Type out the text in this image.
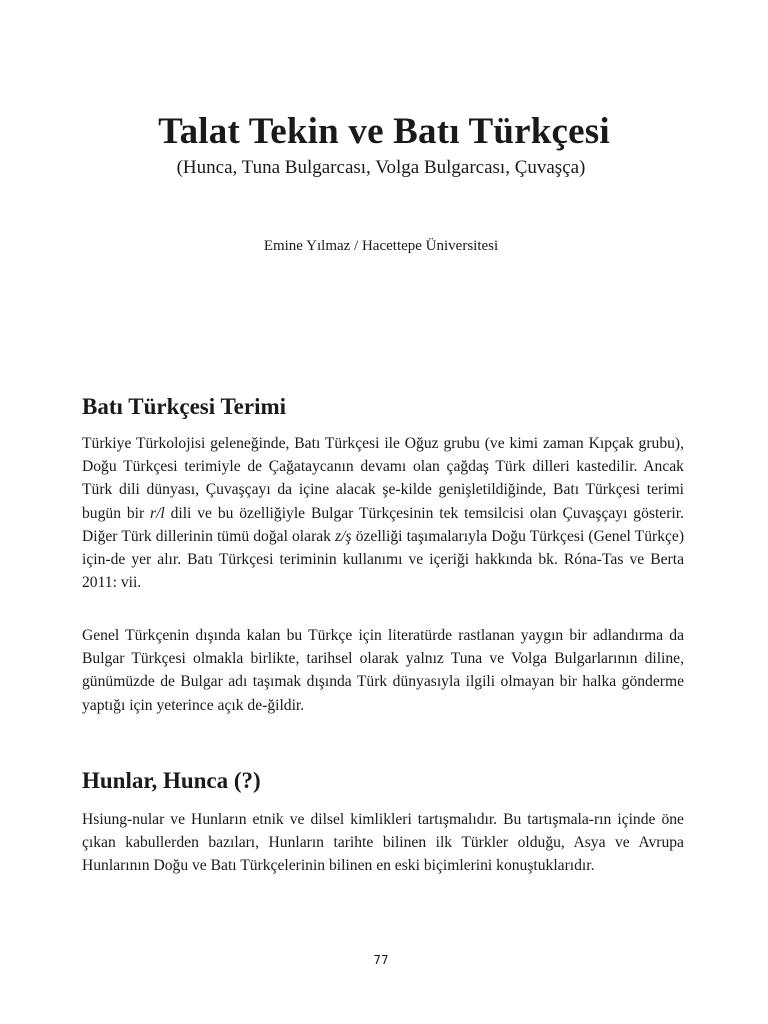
Talat Tekin ve Batı Türkçesi

(Hunca, Tuna Bulgarcası, Volga Bulgarcası, Çuvaşça)

Emine Yılmaz / Hacettepe Üniversitesi

Batı Türkçesi Terimi

Türkiye Türkolojisi geleneğinde, Batı Türkçesi ile Oğuz grubu (ve kimi zaman Kıpçak grubu), Doğu Türkçesi terimiyle de Çağataycanın devamı olan çağdaş Türk dilleri kastedilir. Ancak Türk dili dünyası, Çuvaşçayı da içine alacak şe-kilde genişletildiğinde, Batı Türkçesi terimi bugün bir r/l dili ve bu özelliğiyle Bulgar Türkçesinin tek temsilcisi olan Çuvaşçayı gösterir. Diğer Türk dillerinin tümü doğal olarak z/ş özelliği taşımalarıyla Doğu Türkçesi (Genel Türkçe) için-de yer alır. Batı Türkçesi teriminin kullanımı ve içeriği hakkında bk. Róna-Tas ve Berta 2011: vii.

Genel Türkçenin dışında kalan bu Türkçe için literatürde rastlanan yaygın bir adlandırma da Bulgar Türkçesi olmakla birlikte, tarihsel olarak yalnız Tuna ve Volga Bulgarlarının diline, günümüzde de Bulgar adı taşımak dışında Türk dünyasıyla ilgili olmayan bir halka gönderme yaptığı için yeterince açık de-ğildir.

Hunlar, Hunca (?)

Hsiung-nular ve Hunların etnik ve dilsel kimlikleri tartışmalıdır. Bu tartışmala-rın içinde öne çıkan kabullerden bazıları, Hunların tarihte bilinen ilk Türkler olduğu, Asya ve Avrupa Hunlarının Doğu ve Batı Türkçelerinin bilinen en eski biçimlerini konuştuklarıdır.

77
